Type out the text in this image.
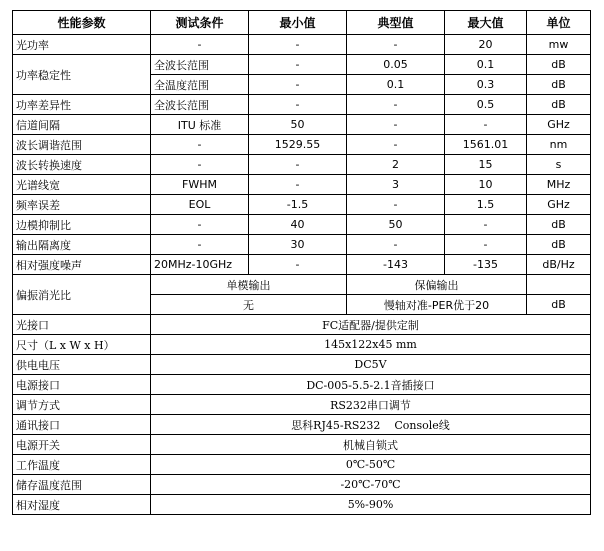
性能参数	测试条件	最小值	典型值	最大值	单位
光功率	-	-	-	20	mw
功率稳定性	全波长范围	-	0.05	0.1	dB
	全温度范围	-	0.1	0.3	dB
功率差异性	全波长范围	-	-	0.5	dB
信道间隔	ITU 标准	50	-	-	GHz
波长调谐范围	-	1529.55	-	1561.01	nm
波长转换速度	-	-	2	15	s
光谱线宽	FWHM	-	3	10	MHz
频率误差	EOL	-1.5	-	1.5	GHz
边模抑制比	-	40	50	-	dB
输出隔离度	-	30	-	-	dB
相对强度噪声	20MHz-10GHz	-	-143	-135	dB/Hz
偏振消光比	单模输出		保偏输出		
	无		慢轴对准-PER优于20		dB
光接口	FC适配器/提供定制				
尺寸（L x W x H）	145x122x45 mm				
供电电压	DC5V				
电源接口	DC-005-5.5-2.1音插接口				
调节方式	RS232串口调节				
通讯接口	思科RJ45-RS232    Console线				
电源开关	机械自锁式				
工作温度	0℃-50℃				
储存温度范围	-20℃-70℃				
相对湿度	5%-90%				
